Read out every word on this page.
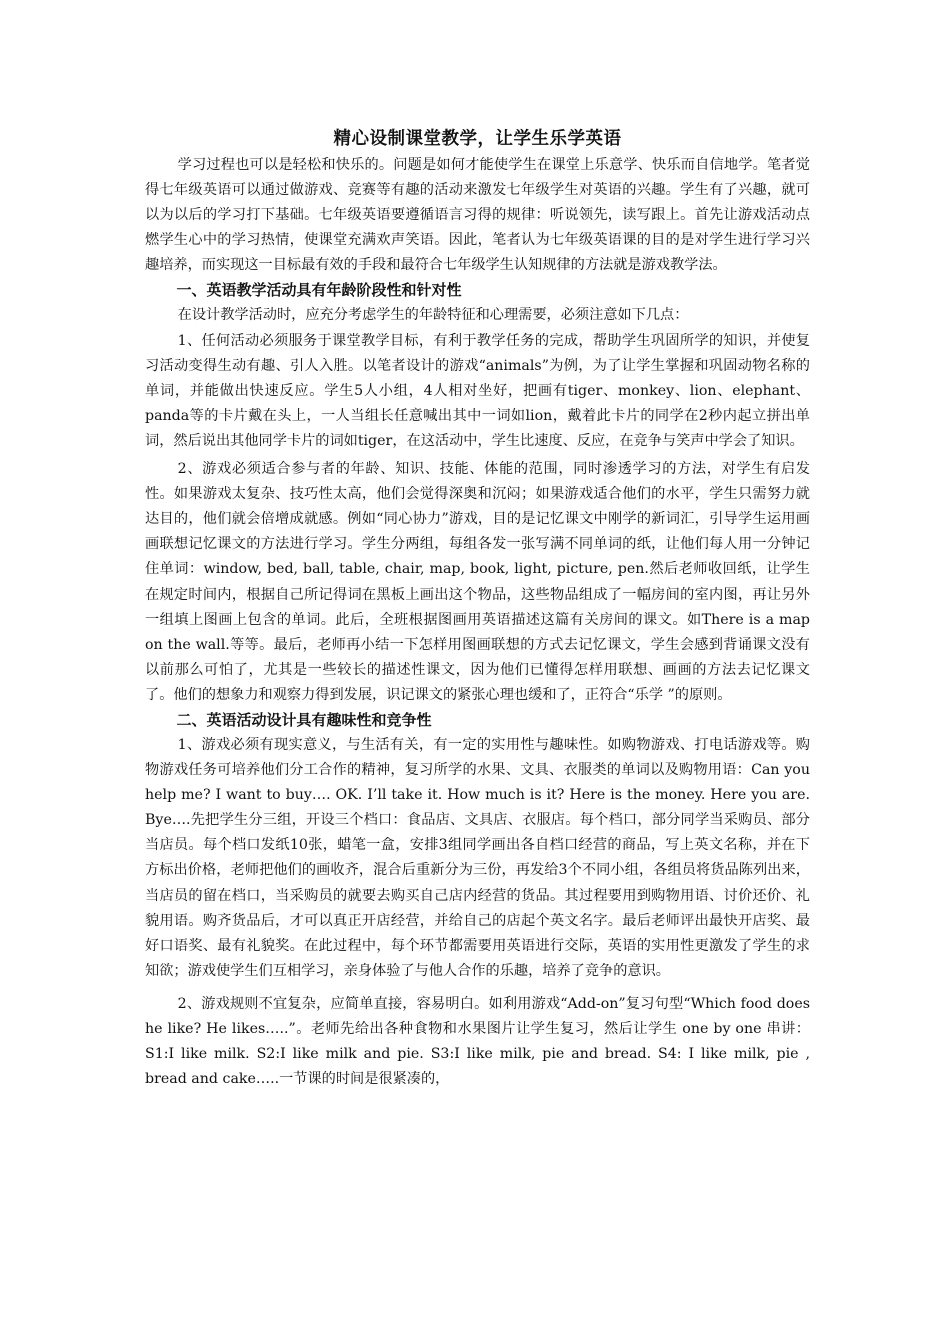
精心设制课堂教学，让学生乐学英语

学习过程也可以是轻松和快乐的。问题是如何才能使学生在课堂上乐意学、快乐而自信地学。笔者觉得七年级英语可以通过做游戏、竞赛等有趣的活动来激发七年级学生对英语的兴趣。学生有了兴趣，就可以为以后的学习打下基础。七年级英语要遵循语言习得的规律：听说领先，读写跟上。首先让游戏活动点燃学生心中的学习热情，使课堂充满欢声笑语。因此，笔者认为七年级英语课的目的是对学生进行学习兴趣培养，而实现这一目标最有效的手段和最符合七年级学生认知规律的方法就是游戏教学法。

一、英语教学活动具有年龄阶段性和针对性

在设计教学活动时，应充分考虑学生的年龄特征和心理需要，必须注意如下几点：

1、任何活动必须服务于课堂教学目标，有利于教学任务的完成，帮助学生巩固所学的知识，并使复习活动变得生动有趣、引人入胜。以笔者设计的游戏“animals”为例，为了让学生掌握和巩固动物名称的单词，并能做出快速反应。学生5人小组，4人相对坐好，把画有tiger、monkey、lion、elephant、panda等的卡片戴在头上，一人当组长任意喊出其中一词如lion，戴着此卡片的同学在2秒内起立拼出单词，然后说出其他同学卡片的词如tiger，在这活动中，学生比速度、反应，在竞争与笑声中学会了知识。

2、游戏必须适合参与者的年龄、知识、技能、体能的范围，同时渗透学习的方法，对学生有启发性。如果游戏太复杂、技巧性太高，他们会觉得深奥和沉闷；如果游戏适合他们的水平，学生只需努力就达目的，他们就会倍增成就感。例如“同心协力”游戏，目的是记忆课文中刚学的新词汇，引导学生运用画画联想记忆课文的方法进行学习。学生分两组，每组各发一张写满不同单词的纸，让他们每人用一分钟记住单词：window, bed, ball, table, chair, map, book, light, picture, pen.然后老师收回纸，让学生在规定时间内，根据自己所记得词在黑板上画出这个物品，这些物品组成了一幅房间的室内图，再让另外一组填上图画上包含的单词。此后，全班根据图画用英语描述这篇有关房间的课文。如There is a map on the wall.等等。最后，老师再小结一下怎样用图画联想的方式去记忆课文，学生会感到背诵课文没有以前那么可怕了，尤其是一些较长的描述性课文，因为他们已懂得怎样用联想、画画的方法去记忆课文了。他们的想象力和观察力得到发展，识记课文的紧张心理也缓和了，正符合“乐学 ”的原则。

二、英语活动设计具有趣味性和竞争性

1、游戏必须有现实意义，与生活有关，有一定的实用性与趣味性。如购物游戏、打电话游戏等。购物游戏任务可培养他们分工合作的精神，复习所学的水果、文具、衣服类的单词以及购物用语：Can you help me? I want to buy…. OK. I’ll take it. How much is it? Here is the money. Here you are. Bye….先把学生分三组，开设三个档口：食品店、文具店、衣服店。每个档口，部分同学当采购员、部分当店员。每个档口发纸10张，蜡笔一盒，安排3组同学画出各自档口经营的商品，写上英文名称，并在下方标出价格，老师把他们的画收齐，混合后重新分为三份，再发给3个不同小组，各组员将货品陈列出来，当店员的留在档口，当采购员的就要去购买自己店内经营的货品。其过程要用到购物用语、讨价还价、礼貌用语。购齐货品后，才可以真正开店经营，并给自己的店起个英文名字。最后老师评出最快开店奖、最好口语奖、最有礼貌奖。在此过程中，每个环节都需要用英语进行交际，英语的实用性更激发了学生的求知欲；游戏使学生们互相学习，亲身体验了与他人合作的乐趣，培养了竞争的意识。

2、游戏规则不宜复杂，应简单直接，容易明白。如利用游戏“Add-on”复习句型“Which food does he like? He likes…..”。老师先给出各种食物和水果图片让学生复习，然后让学生 one by one 串讲：S1:I like milk. S2:I like milk and pie. S3:I like milk, pie and bread. S4: I like milk, pie , bread and cake…..一节课的时间是很紧凑的，
